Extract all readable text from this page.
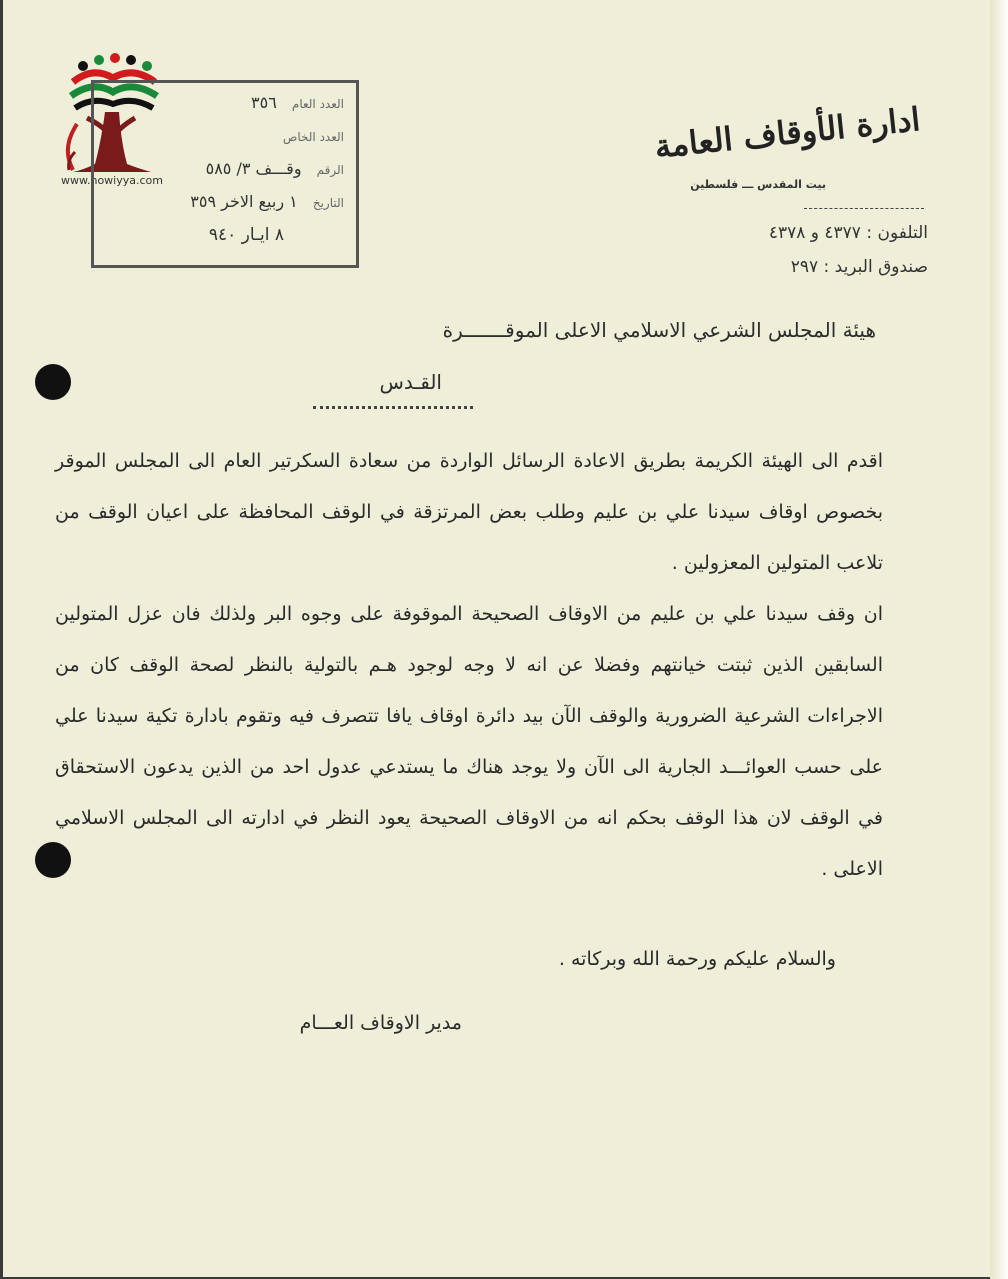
www.howiyya.com
العدد العام ٣٥٦
العدد الخاص
الرقم وقـــف ٣/ ٥٨٥
التاريخ ١ ربيع الاخر ٣٥٩
٨ ايـار ٩٤٠
ادارة الأوقاف العامة
بيت المقدس ـــ فلسطين
التلفون : ٤٣٧٧ و ٤٣٧٨
صندوق البريد : ٢٩٧
هيئة المجلس الشرعي الاسلامي الاعلى الموقـــــــرة
القـدس

اقدم الى الهيئة الكريمة بطريق الاعادة الرسائل الواردة من سعادة السكرتير العام الى المجلس الموقر بخصوص اوقاف سيدنا علي بن عليم وطلب بعض المرتزقة في الوقف المحافظة على اعيان الوقف من تلاعب المتولين المعزولين .

ان وقف سيدنا علي بن عليم من الاوقاف الصحيحة الموقوفة على وجوه البر ولذلك فان عزل المتولين السابقين الذين ثبتت خيانتهم وفضلا عن انه لا وجه لوجود هـم بالتولية بالنظر لصحة الوقف كان من الاجراءات الشرعية الضرورية والوقف الآن بيد دائرة اوقاف يافا تتصرف فيه وتقوم بادارة تكية سيدنا علي على حسب العوائـــد الجارية الى الآن ولا يوجد هناك ما يستدعي عدول احد من الذين يدعون الاستحقاق في الوقف لان هذا الوقف بحكم انه من الاوقاف الصحيحة يعود النظر في ادارته الى المجلس الاسلامي الاعلى .

والسلام عليكم ورحمة الله وبركاته .
مدير الاوقاف العـــام
